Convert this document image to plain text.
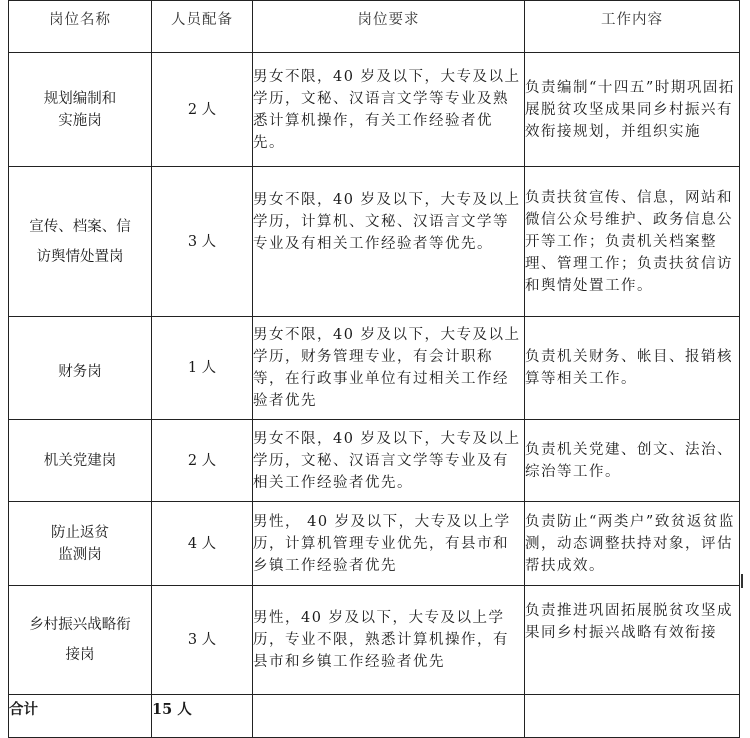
岗位名称	人员配备	岗位要求	工作内容

规划编制和
实施岗	2 人	男女不限，40 岁及以下，大专及以上学历，文秘、汉语言文学等专业及熟悉计算机操作，有关工作经验者优先。	负责编制“十四五”时期巩固拓展脱贫攻坚成果同乡村振兴有效衔接规划，并组织实施

宣传、档案、信
访舆情处置岗	3 人	男女不限，40 岁及以下，大专及以上学历，计算机、文秘、汉语言文学等专业及有相关工作经验者等优先。	负责扶贫宣传、信息，网站和微信公众号维护、政务信息公开等工作；负责机关档案整理、管理工作；负责扶贫信访和舆情处置工作。

财务岗	1 人	男女不限，40 岁及以下，大专及以上学历，财务管理专业，有会计职称等，在行政事业单位有过相关工作经验者优先	负责机关财务、帐目、报销核算等相关工作。

机关党建岗	2 人	男女不限，40 岁及以下，大专及以上学历，文秘、汉语言文学等专业及有相关工作经验者优先。	负责机关党建、创文、法治、综治等工作。

防止返贫
监测岗	4 人	男性， 40 岁及以下，大专及以上学历，计算机管理专业优先，有县市和乡镇工作经验者优先	负责防止“两类户”致贫返贫监测，动态调整扶持对象，评估帮扶成效。

乡村振兴战略衔
接岗	3 人	男性，40 岁及以下，大专及以上学历，专业不限，熟悉计算机操作，有县市和乡镇工作经验者优先	负责推进巩固拓展脱贫攻坚成果同乡村振兴战略有效衔接
合计	15 人		
